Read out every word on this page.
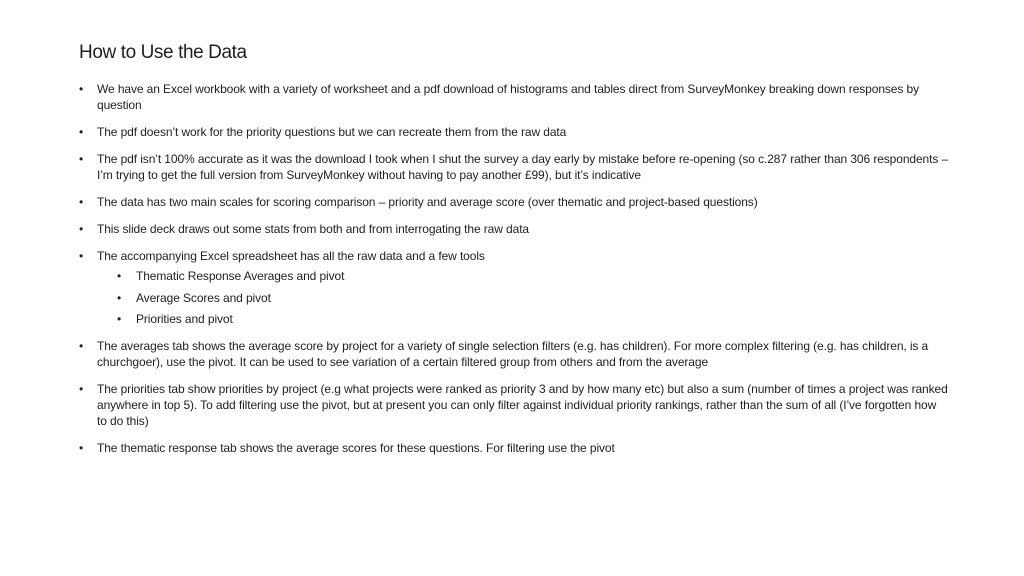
How to Use the Data
• We have an Excel workbook with a variety of worksheet and a pdf download of histograms and tables direct from SurveyMonkey breaking down responses by question
• The pdf doesn’t work for the priority questions but we can recreate them from the raw data
• The pdf isn’t 100% accurate as it was the download I took when I shut the survey a day early by mistake before re-opening (so c.287 rather than 306 respondents – I’m trying to get the full version from SurveyMonkey without having to pay another £99), but it’s indicative
• The data has two main scales for scoring comparison – priority and average score (over thematic and project-based questions)
• This slide deck draws out some stats from both and from interrogating the raw data
• The accompanying Excel spreadsheet has all the raw data and a few tools
• Thematic Response Averages and pivot
• Average Scores and pivot
• Priorities and pivot
• The averages tab shows the average score by project for a variety of single selection filters (e.g. has children). For more complex filtering (e.g. has children, is a churchgoer), use the pivot. It can be used to see variation of a certain filtered group from others and from the average
• The priorities tab show priorities by project (e.g what projects were ranked as priority 3 and by how many etc) but also a sum (number of times a project was ranked anywhere in top 5). To add filtering use the pivot, but at present you can only filter against individual priority rankings, rather than the sum of all (I’ve forgotten how to do this)
• The thematic response tab shows the average scores for these questions. For filtering use the pivot
